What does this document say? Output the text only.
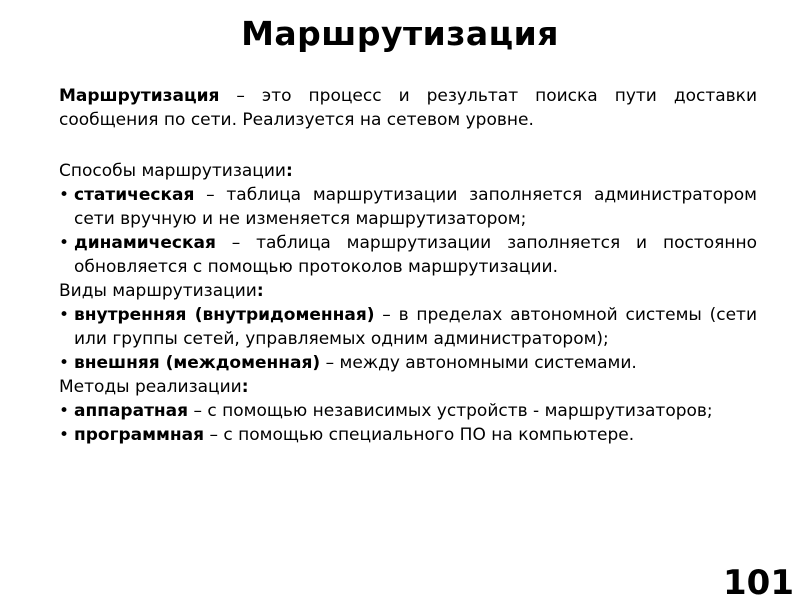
Маршрутизация

Маршрутизация – это процесс и результат поиска пути доставки сообщения по сети. Реализуется на сетевом уровне.

Способы маршрутизации:

• статическая – таблица маршрутизации заполняется администратором сети вручную и не изменяется маршрутизатором;

• динамическая – таблица маршрутизации заполняется и постоянно обновляется с помощью протоколов маршрутизации.

Виды маршрутизации:

• внутренняя (внутридоменная) – в пределах автономной системы (сети или группы сетей, управляемых одним администратором);

• внешняя (междоменная) – между автономными системами.

Методы реализации:

• аппаратная – с помощью независимых устройств - маршрутизаторов;

• программная – с помощью специального ПО на компьютере.

101
